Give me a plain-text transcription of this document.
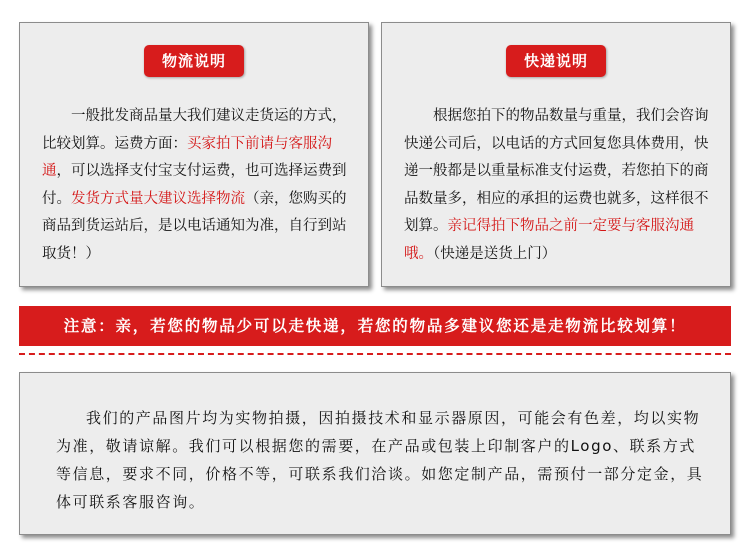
物流说明

一般批发商品量大我们建议走货运的方式，比较划算。运费方面：买家拍下前请与客服沟通，可以选择支付宝支付运费，也可选择运费到付。发货方式量大建议选择物流（亲，您购买的商品到货运站后，是以电话通知为准，自行到站取货！）

快递说明

根据您拍下的物品数量与重量，我们会咨询快递公司后，以电话的方式回复您具体费用，快递一般都是以重量标准支付运费，若您拍下的商品数量多，相应的承担的运费也就多，这样很不划算。亲记得拍下物品之前一定要与客服沟通哦。（快递是送货上门）

注意：亲，若您的物品少可以走快递，若您的物品多建议您还是走物流比较划算！

我们的产品图片均为实物拍摄，因拍摄技术和显示器原因，可能会有色差，均以实物为准，敬请谅解。我们可以根据您的需要，在产品或包装上印制客户的Logo、联系方式等信息，要求不同，价格不等，可联系我们洽谈。如您定制产品，需预付一部分定金，具体可联系客服咨询。
